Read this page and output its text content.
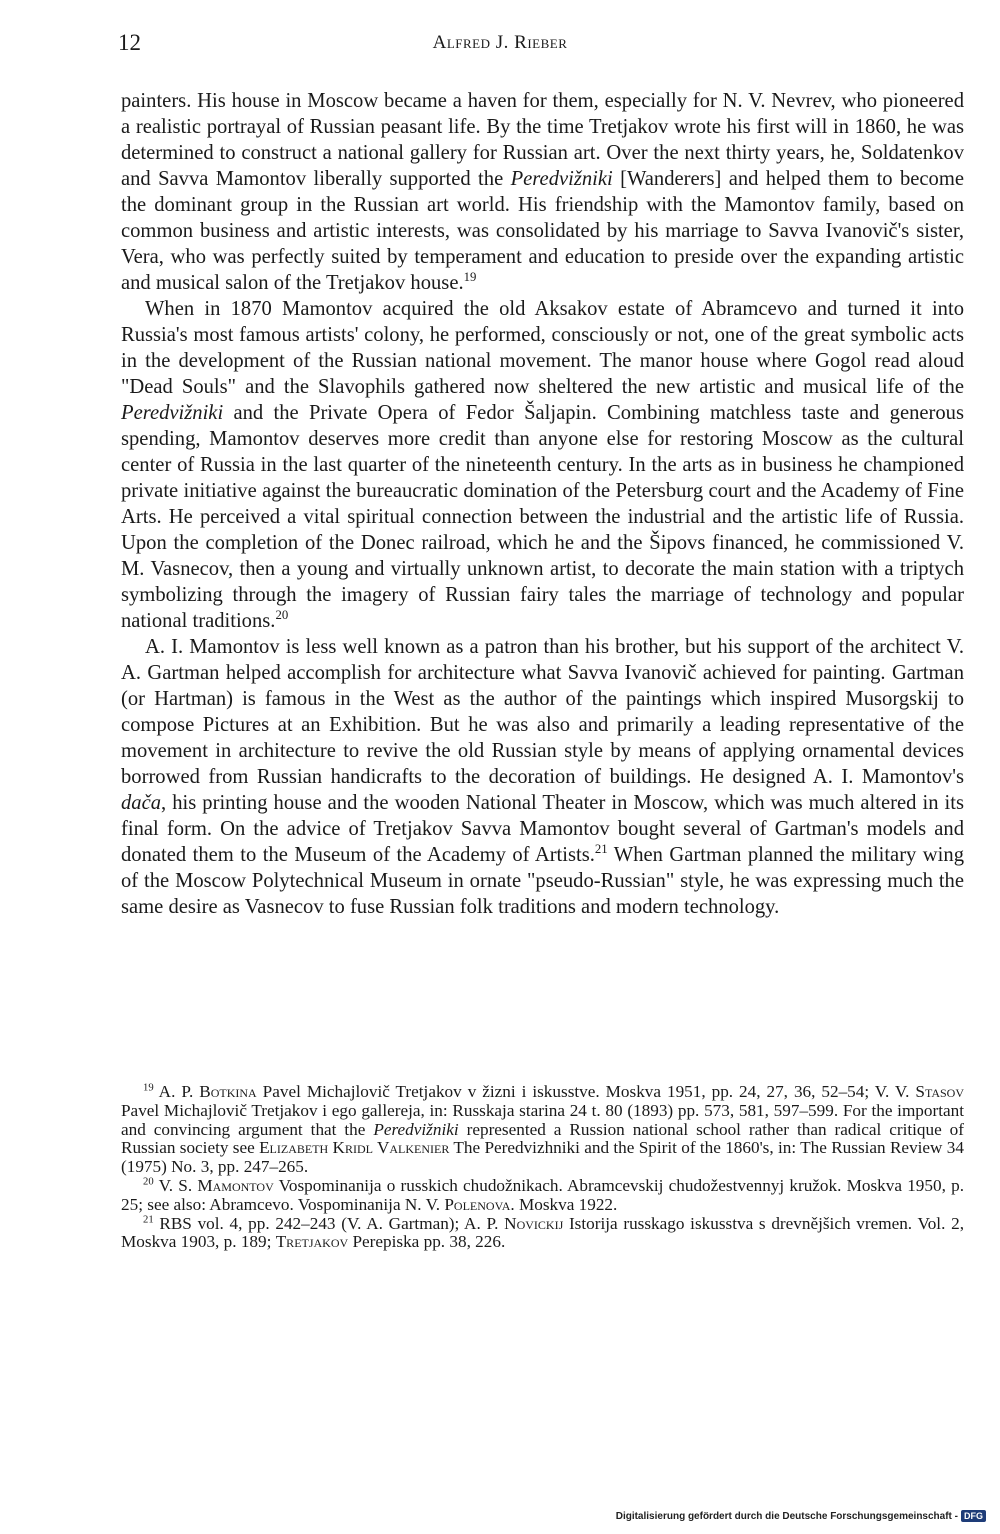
12	Alfred J. Rieber

painters. His house in Moscow became a haven for them, especially for N. V. Nevrev, who pioneered a realistic portrayal of Russian peasant life. By the time Tretjakov wrote his first will in 1860, he was determined to construct a national gallery for Russian art. Over the next thirty years, he, Soldatenkov and Savva Mamontov liberally supported the Peredvižniki [Wanderers] and helped them to become the dominant group in the Russian art world. His friendship with the Mamontov family, based on common business and artistic interests, was consolidated by his marriage to Savva Ivanovič's sister, Vera, who was perfectly suited by temperament and education to preside over the expanding artistic and musical salon of the Tretjakov house.$^{19}$

When in 1870 Mamontov acquired the old Aksakov estate of Abramcevo and turned it into Russia's most famous artists' colony, he performed, consciously or not, one of the great symbolic acts in the development of the Russian national movement. The manor house where Gogol read aloud "Dead Souls" and the Slavophils gathered now sheltered the new artistic and musical life of the Peredvižniki and the Private Opera of Fedor Šaljapin. Combining matchless taste and generous spending, Mamontov deserves more credit than anyone else for restoring Moscow as the cultural center of Russia in the last quarter of the nineteenth century. In the arts as in business he championed private initiative against the bureaucratic domination of the Petersburg court and the Academy of Fine Arts. He perceived a vital spiritual connection between the industrial and the artistic life of Russia. Upon the completion of the Donec railroad, which he and the Šipovs financed, he commissioned V. M. Vasnecov, then a young and virtually unknown artist, to decorate the main station with a triptych symbolizing through the imagery of Russian fairy tales the marriage of technology and popular national traditions.$^{20}$

A. I. Mamontov is less well known as a patron than his brother, but his support of the architect V. A. Gartman helped accomplish for architecture what Savva Ivanovič achieved for painting. Gartman (or Hartman) is famous in the West as the author of the paintings which inspired Musorgskij to compose Pictures at an Exhibition. But he was also and primarily a leading representative of the movement in architecture to revive the old Russian style by means of applying ornamental devices borrowed from Russian handicrafts to the decoration of buildings. He designed A. I. Mamontov's dača, his printing house and the wooden National Theater in Moscow, which was much altered in its final form. On the advice of Tretjakov Savva Mamontov bought several of Gartman's models and donated them to the Museum of the Academy of Artists.$^{21}$ When Gartman planned the military wing of the Moscow Polytechnical Museum in ornate "pseudo-Russian" style, he was expressing much the same desire as Vasnecov to fuse Russian folk traditions and modern technology.

$^{19}$ A. P. Botkina Pavel Michajlovič Tretjakov v žizni i iskusstve. Moskva 1951, pp. 24, 27, 36, 52–54; V. V. Stasov Pavel Michajlovič Tretjakov i ego gallereja, in: Russkaja starina 24 t. 80 (1893) pp. 573, 581, 597–599. For the important and convincing argument that the Peredvižniki represented a Russion national school rather than radical critique of Russian society see Elizabeth Kridl Valkenier The Peredvizhniki and the Spirit of the 1860's, in: The Russian Review 34 (1975) No. 3, pp. 247–265.

$^{20}$ V. S. Mamontov Vospominanija o russkich chudožnikach. Abramcevskij chudožestvennyj kružok. Moskva 1950, p. 25; see also: Abramcevo. Vospominanija N. V. Polenova. Moskva 1922.

$^{21}$ RBS vol. 4, pp. 242–243 (V. A. Gartman); A. P. Novickij Istorija russkago iskusstva s drevnějšich vremen. Vol. 2, Moskva 1903, p. 189; Tretjakov Perepiska pp. 38, 226.

Digitalisierung gefördert durch die Deutsche Forschungsgemeinschaft - DFG
